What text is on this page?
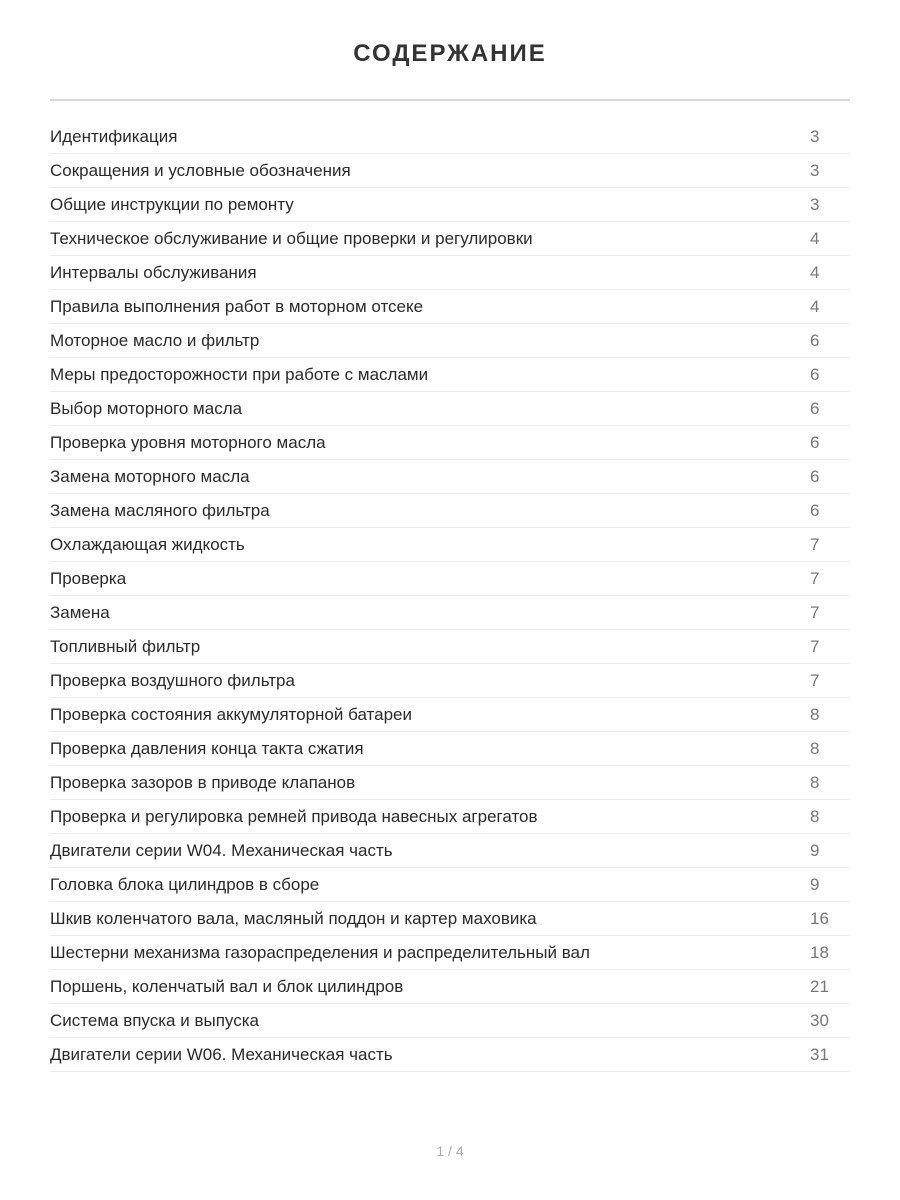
СОДЕРЖАНИЕ
Идентификация	3
Сокращения и условные обозначения	3
Общие инструкции по ремонту	3
Техническое обслуживание и общие проверки и регулировки	4
Интервалы обслуживания	4
Правила выполнения работ в моторном отсеке	4
Моторное масло и фильтр	6
Меры предосторожности при работе с маслами	6
Выбор моторного масла	6
Проверка уровня моторного масла	6
Замена моторного масла	6
Замена масляного фильтра	6
Охлаждающая жидкость	7
Проверка	7
Замена	7
Топливный фильтр	7
Проверка воздушного фильтра	7
Проверка состояния аккумуляторной батареи	8
Проверка давления конца такта сжатия	8
Проверка зазоров в приводе клапанов	8
Проверка и регулировка ремней привода навесных агрегатов	8
Двигатели серии W04. Механическая часть	9
Головка блока цилиндров в сборе	9
Шкив коленчатого вала, масляный поддон и картер маховика	16
Шестерни механизма газораспределения и распределительный вал	18
Поршень, коленчатый вал и блок цилиндров	21
Система впуска и выпуска	30
Двигатели серии W06. Механическая часть	31
1 / 4
